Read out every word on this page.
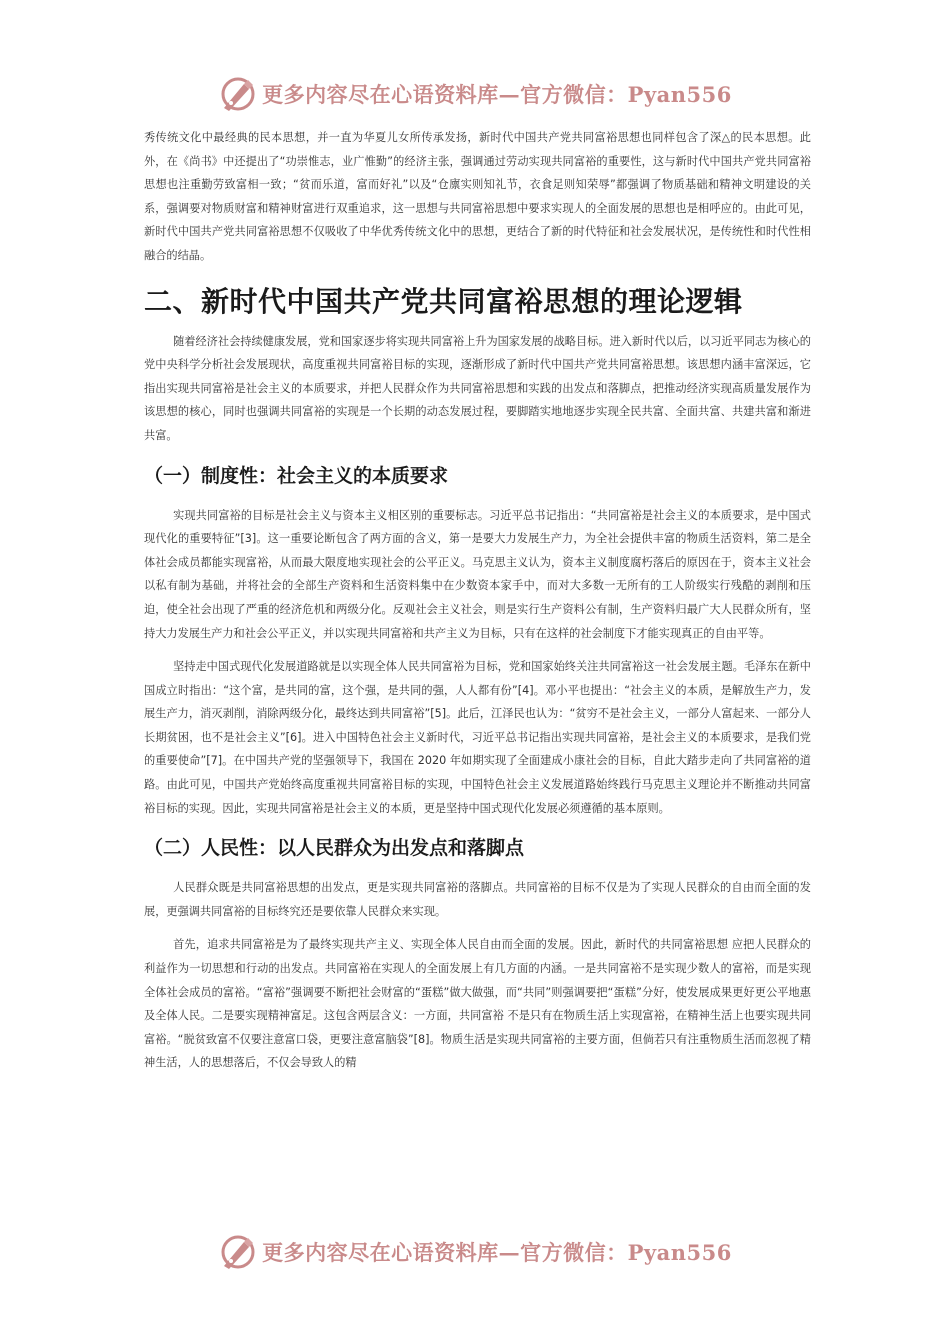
更多内容尽在心语资料库—官方微信：Pyan556

秀传统文化中最经典的民本思想，并一直为华夏儿女所传承发扬，新时代中国共产党共同富裕思想也同样包含了深△的民本思想。此外，在《尚书》中还提出了“功崇惟志，业广惟勤”的经济主张，强调通过劳动实现共同富裕的重要性，这与新时代中国共产党共同富裕思想也注重勤劳致富相一致；“贫而乐道，富而好礼”以及“仓廪实则知礼节，衣食足则知荣辱”都强调了物质基础和精神文明建设的关系，强调要对物质财富和精神财富进行双重追求，这一思想与共同富裕思想中要求实现人的全面发展的思想也是相呼应的。由此可见，新时代中国共产党共同富裕思想不仅吸收了中华优秀传统文化中的思想，更结合了新的时代特征和社会发展状况，是传统性和时代性相融合的结晶。

二、新时代中国共产党共同富裕思想的理论逻辑

随着经济社会持续健康发展，党和国家逐步将实现共同富裕上升为国家发展的战略目标。进入新时代以后，以习近平同志为核心的党中央科学分析社会发展现状，高度重视共同富裕目标的实现，逐渐形成了新时代中国共产党共同富裕思想。该思想内涵丰富深远，它指出实现共同富裕是社会主义的本质要求，并把人民群众作为共同富裕思想和实践的出发点和落脚点，把推动经济实现高质量发展作为该思想的核心，同时也强调共同富裕的实现是一个长期的动态发展过程，要脚踏实地地逐步实现全民共富、全面共富、共建共富和渐进共富。

（一）制度性：社会主义的本质要求

实现共同富裕的目标是社会主义与资本主义相区别的重要标志。习近平总书记指出：“共同富裕是社会主义的本质要求，是中国式现代化的重要特征”[3]。这一重要论断包含了两方面的含义，第一是要大力发展生产力，为全社会提供丰富的物质生活资料，第二是全体社会成员都能实现富裕，从而最大限度地实现社会的公平正义。马克思主义认为，资本主义制度腐朽落后的原因在于，资本主义社会以私有制为基础，并将社会的全部生产资料和生活资料集中在少数资本家手中，而对大多数一无所有的工人阶级实行残酷的剥削和压迫，使全社会出现了严重的经济危机和两级分化。反观社会主义社会，则是实行生产资料公有制，生产资料归最广大人民群众所有，坚持大力发展生产力和社会公平正义，并以实现共同富裕和共产主义为目标，只有在这样的社会制度下才能实现真正的自由平等。

坚持走中国式现代化发展道路就是以实现全体人民共同富裕为目标，党和国家始终关注共同富裕这一社会发展主题。毛泽东在新中国成立时指出：“这个富，是共同的富，这个强，是共同的强，人人都有份”[4]。邓小平也提出：“社会主义的本质，是解放生产力，发展生产力，消灭剥削，消除两级分化，最终达到共同富裕”[5]。此后，江泽民也认为：“贫穷不是社会主义，一部分人富起来、一部分人长期贫困，也不是社会主义”[6]。进入中国特色社会主义新时代，习近平总书记指出实现共同富裕，是社会主义的本质要求，是我们党的重要使命”[7]。在中国共产党的坚强领导下，我国在 2020 年如期实现了全面建成小康社会的目标，自此大踏步走向了共同富裕的道路。由此可见，中国共产党始终高度重视共同富裕目标的实现，中国特色社会主义发展道路始终践行马克思主义理论并不断推动共同富裕目标的实现。因此，实现共同富裕是社会主义的本质，更是坚持中国式现代化发展必须遵循的基本原则。

（二）人民性：以人民群众为出发点和落脚点

人民群众既是共同富裕思想的出发点，更是实现共同富裕的落脚点。共同富裕的目标不仅是为了实现人民群众的自由而全面的发展，更强调共同富裕的目标终究还是要依靠人民群众来实现。

首先，追求共同富裕是为了最终实现共产主义、实现全体人民自由而全面的发展。因此，新时代的共同富裕思想 应把人民群众的利益作为一切思想和行动的出发点。共同富裕在实现人的全面发展上有几方面的内涵。一是共同富裕不是实现少数人的富裕，而是实现全体社会成员的富裕。“富裕”强调要不断把社会财富的“蛋糕”做大做强，而“共同”则强调要把“蛋糕”分好，使发展成果更好更公平地惠及全体人民。二是要实现精神富足。这包含两层含义：一方面，共同富裕 不是只有在物质生活上实现富裕，在精神生活上也要实现共同富裕。“脱贫致富不仅要注意富口袋，更要注意富脑袋”[8]。物质生活是实现共同富裕的主要方面，但倘若只有注重物质生活而忽视了精神生活，人的思想落后，不仅会导致人的精

更多内容尽在心语资料库—官方微信：Pyan556
